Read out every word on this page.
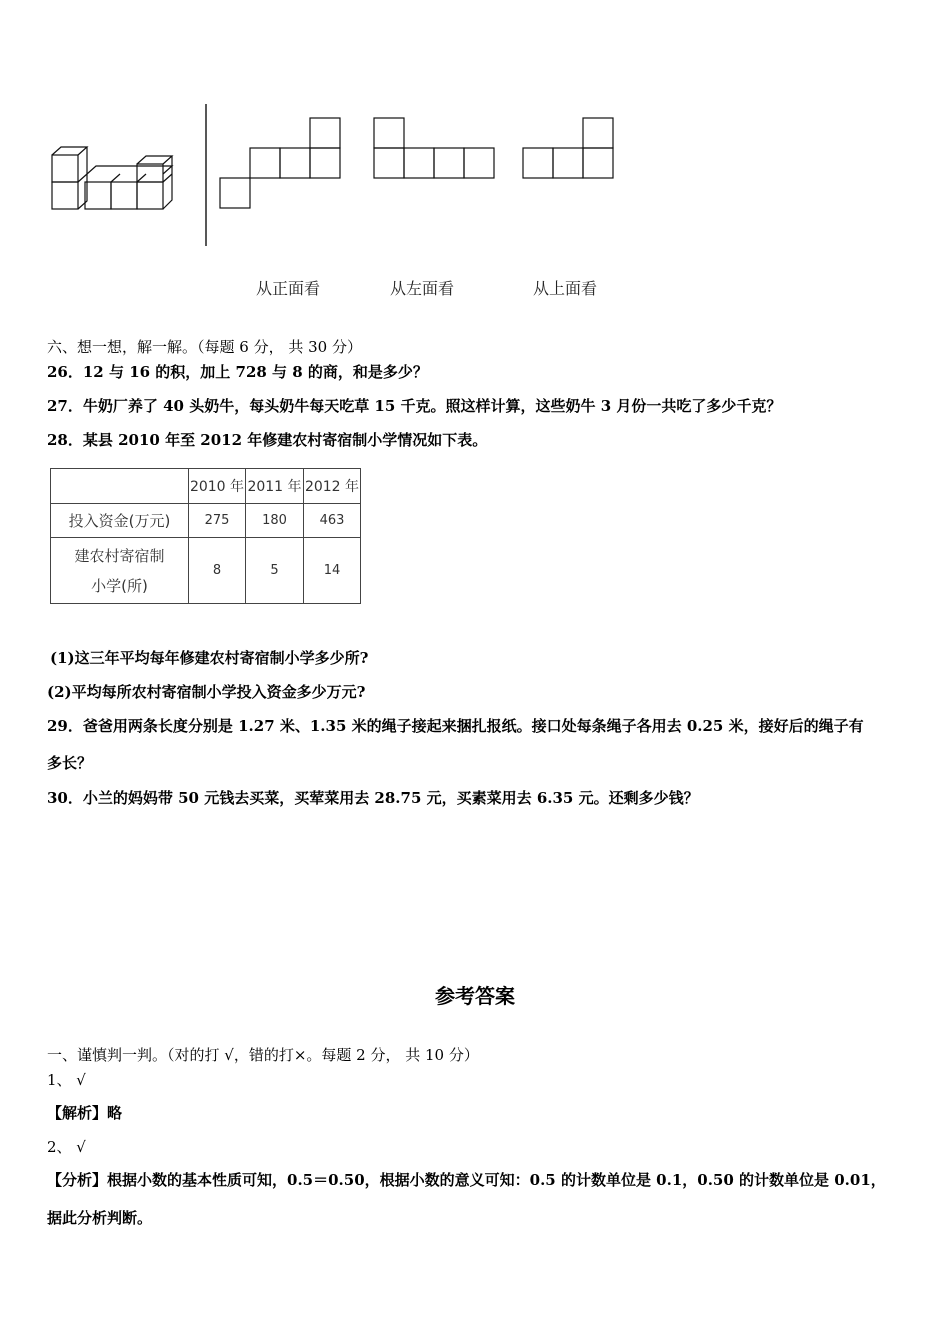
从正面看	从左面看	从上面看
六、想一想，解一解。（每题 6 分， 共 30 分）
26．12 与 16 的积，加上 728 与 8 的商，和是多少？
27．牛奶厂养了 40 头奶牛，每头奶牛每天吃草 15 千克。照这样计算，这些奶牛 3 月份一共吃了多少千克？
28．某县 2010 年至 2012 年修建农村寄宿制小学情况如下表。
	2010 年	2011 年	2012 年
投入资金(万元)	275	180	463

建农村寄宿制
小学(所)	8	5	14
(1)这三年平均每年修建农村寄宿制小学多少所?
(2)平均每所农村寄宿制小学投入资金多少万元?
29．爸爸用两条长度分别是 1.27 米、1.35 米的绳子接起来捆扎报纸。接口处每条绳子各用去 0.25 米，接好后的绳子有
多长？
30．小兰的妈妈带 50 元钱去买菜，买荤菜用去 28.75 元，买素菜用去 6.35 元。还剩多少钱？
参考答案
一、谨慎判一判。（对的打 √，错的打×。每题 2 分， 共 10 分）
1、 √
【解析】略
2、 √
【分析】根据小数的基本性质可知，0.5＝0.50，根据小数的意义可知：0.5 的计数单位是 0.1，0.50 的计数单位是 0.01，
据此分析判断。
